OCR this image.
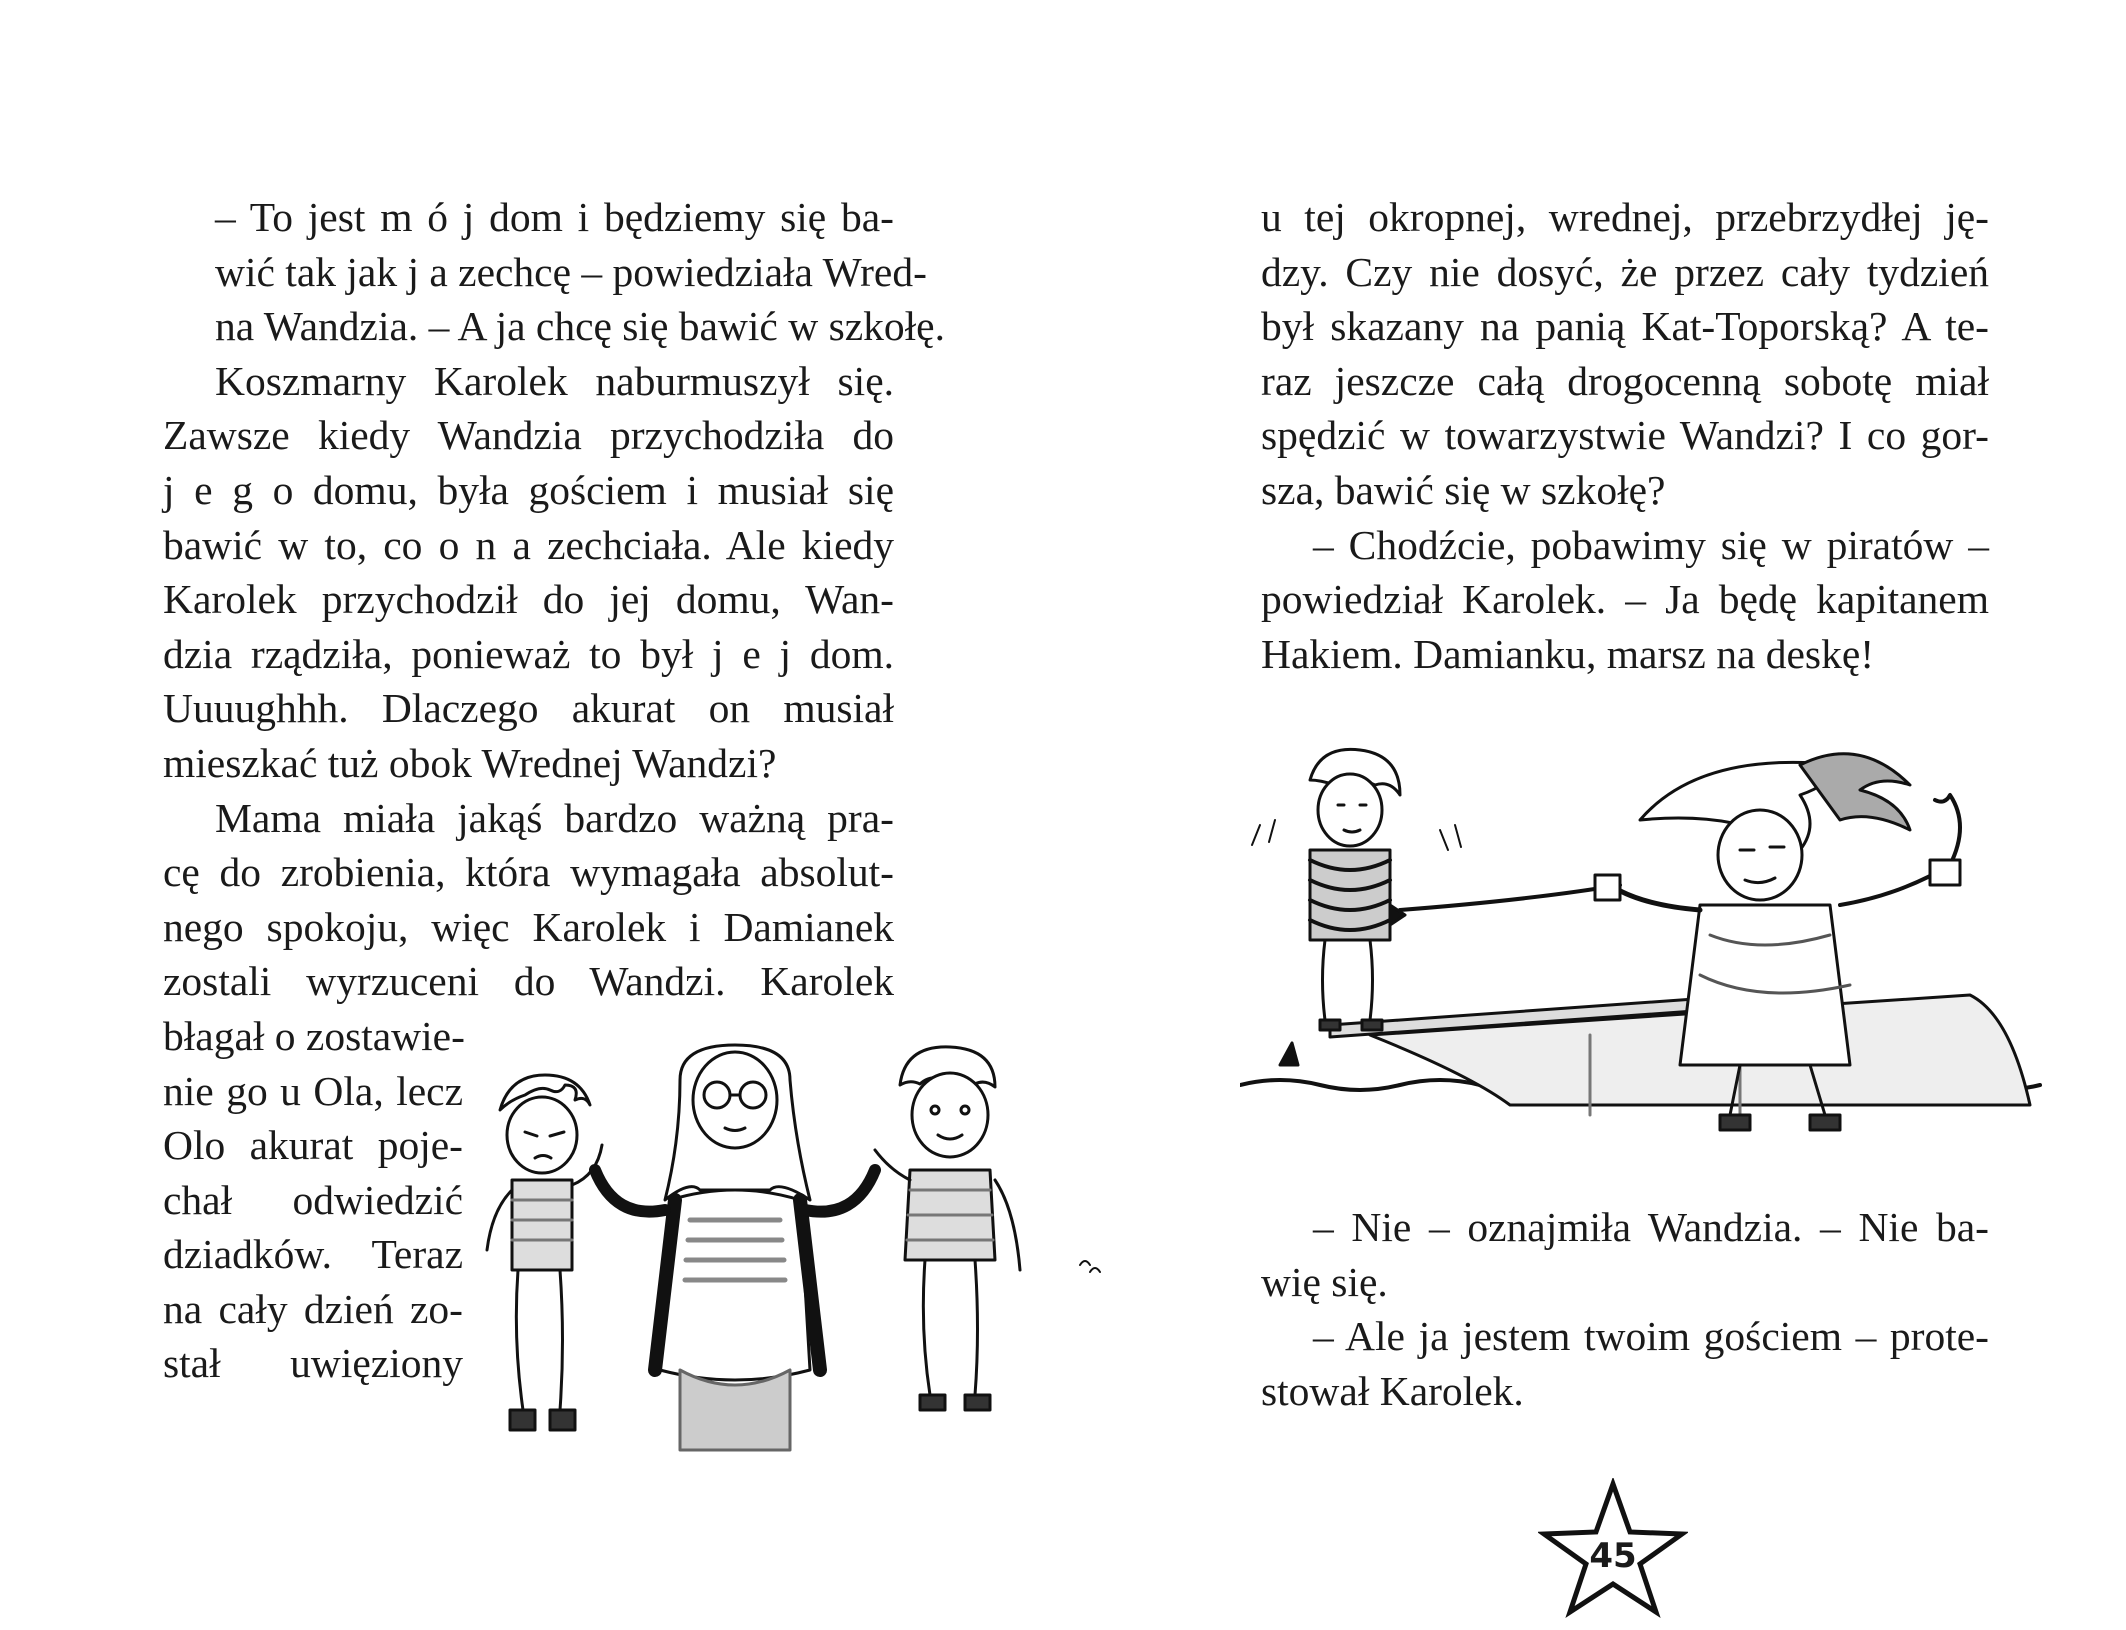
– To jest m ó j dom i będziemy się ba-
wić tak jak j a zechcę – powiedziała Wred-
na Wandzia. – A ja chcę się bawić w szkołę.

Koszmarny Karolek naburmuszył się.
Zawsze kiedy Wandzia przychodziła do
j e g o domu, była gościem i musiał się
bawić w to, co o n a zechciała. Ale kiedy
Karolek przychodził do jej domu, Wan-
dzia rządziła, ponieważ to był j e j dom.
Uuuughhh. Dlaczego akurat on musiał
mieszkać tuż obok Wrednej Wandzi?

Mama miała jakąś bardzo ważną pra-
cę do zrobienia, która wymagała absolut-
nego spokoju, więc Karolek i Damianek
zostali wyrzuceni do Wandzi. Karolek

błagał o zostawie-
nie go u Ola, lecz
Olo akurat poje-
chał odwiedzić
dziadków. Teraz
na cały dzień zo-
stał uwięziony

u tej okropnej, wrednej, przebrzydłej ję-
dzy. Czy nie dosyć, że przez cały tydzień
był skazany na panią Kat-Toporską? A te-
raz jeszcze całą drogocenną sobotę miał
spędzić w towarzystwie Wandzi? I co gor-
sza, bawić się w szkołę?

– Chodźcie, pobawimy się w piratów –
powiedział Karolek. – Ja będę kapitanem
Hakiem. Damianku, marsz na deskę!

– Nie – oznajmiła Wandzia. – Nie ba-
wię się.

– Ale ja jestem twoim gościem – prote-
stował Karolek.

45
